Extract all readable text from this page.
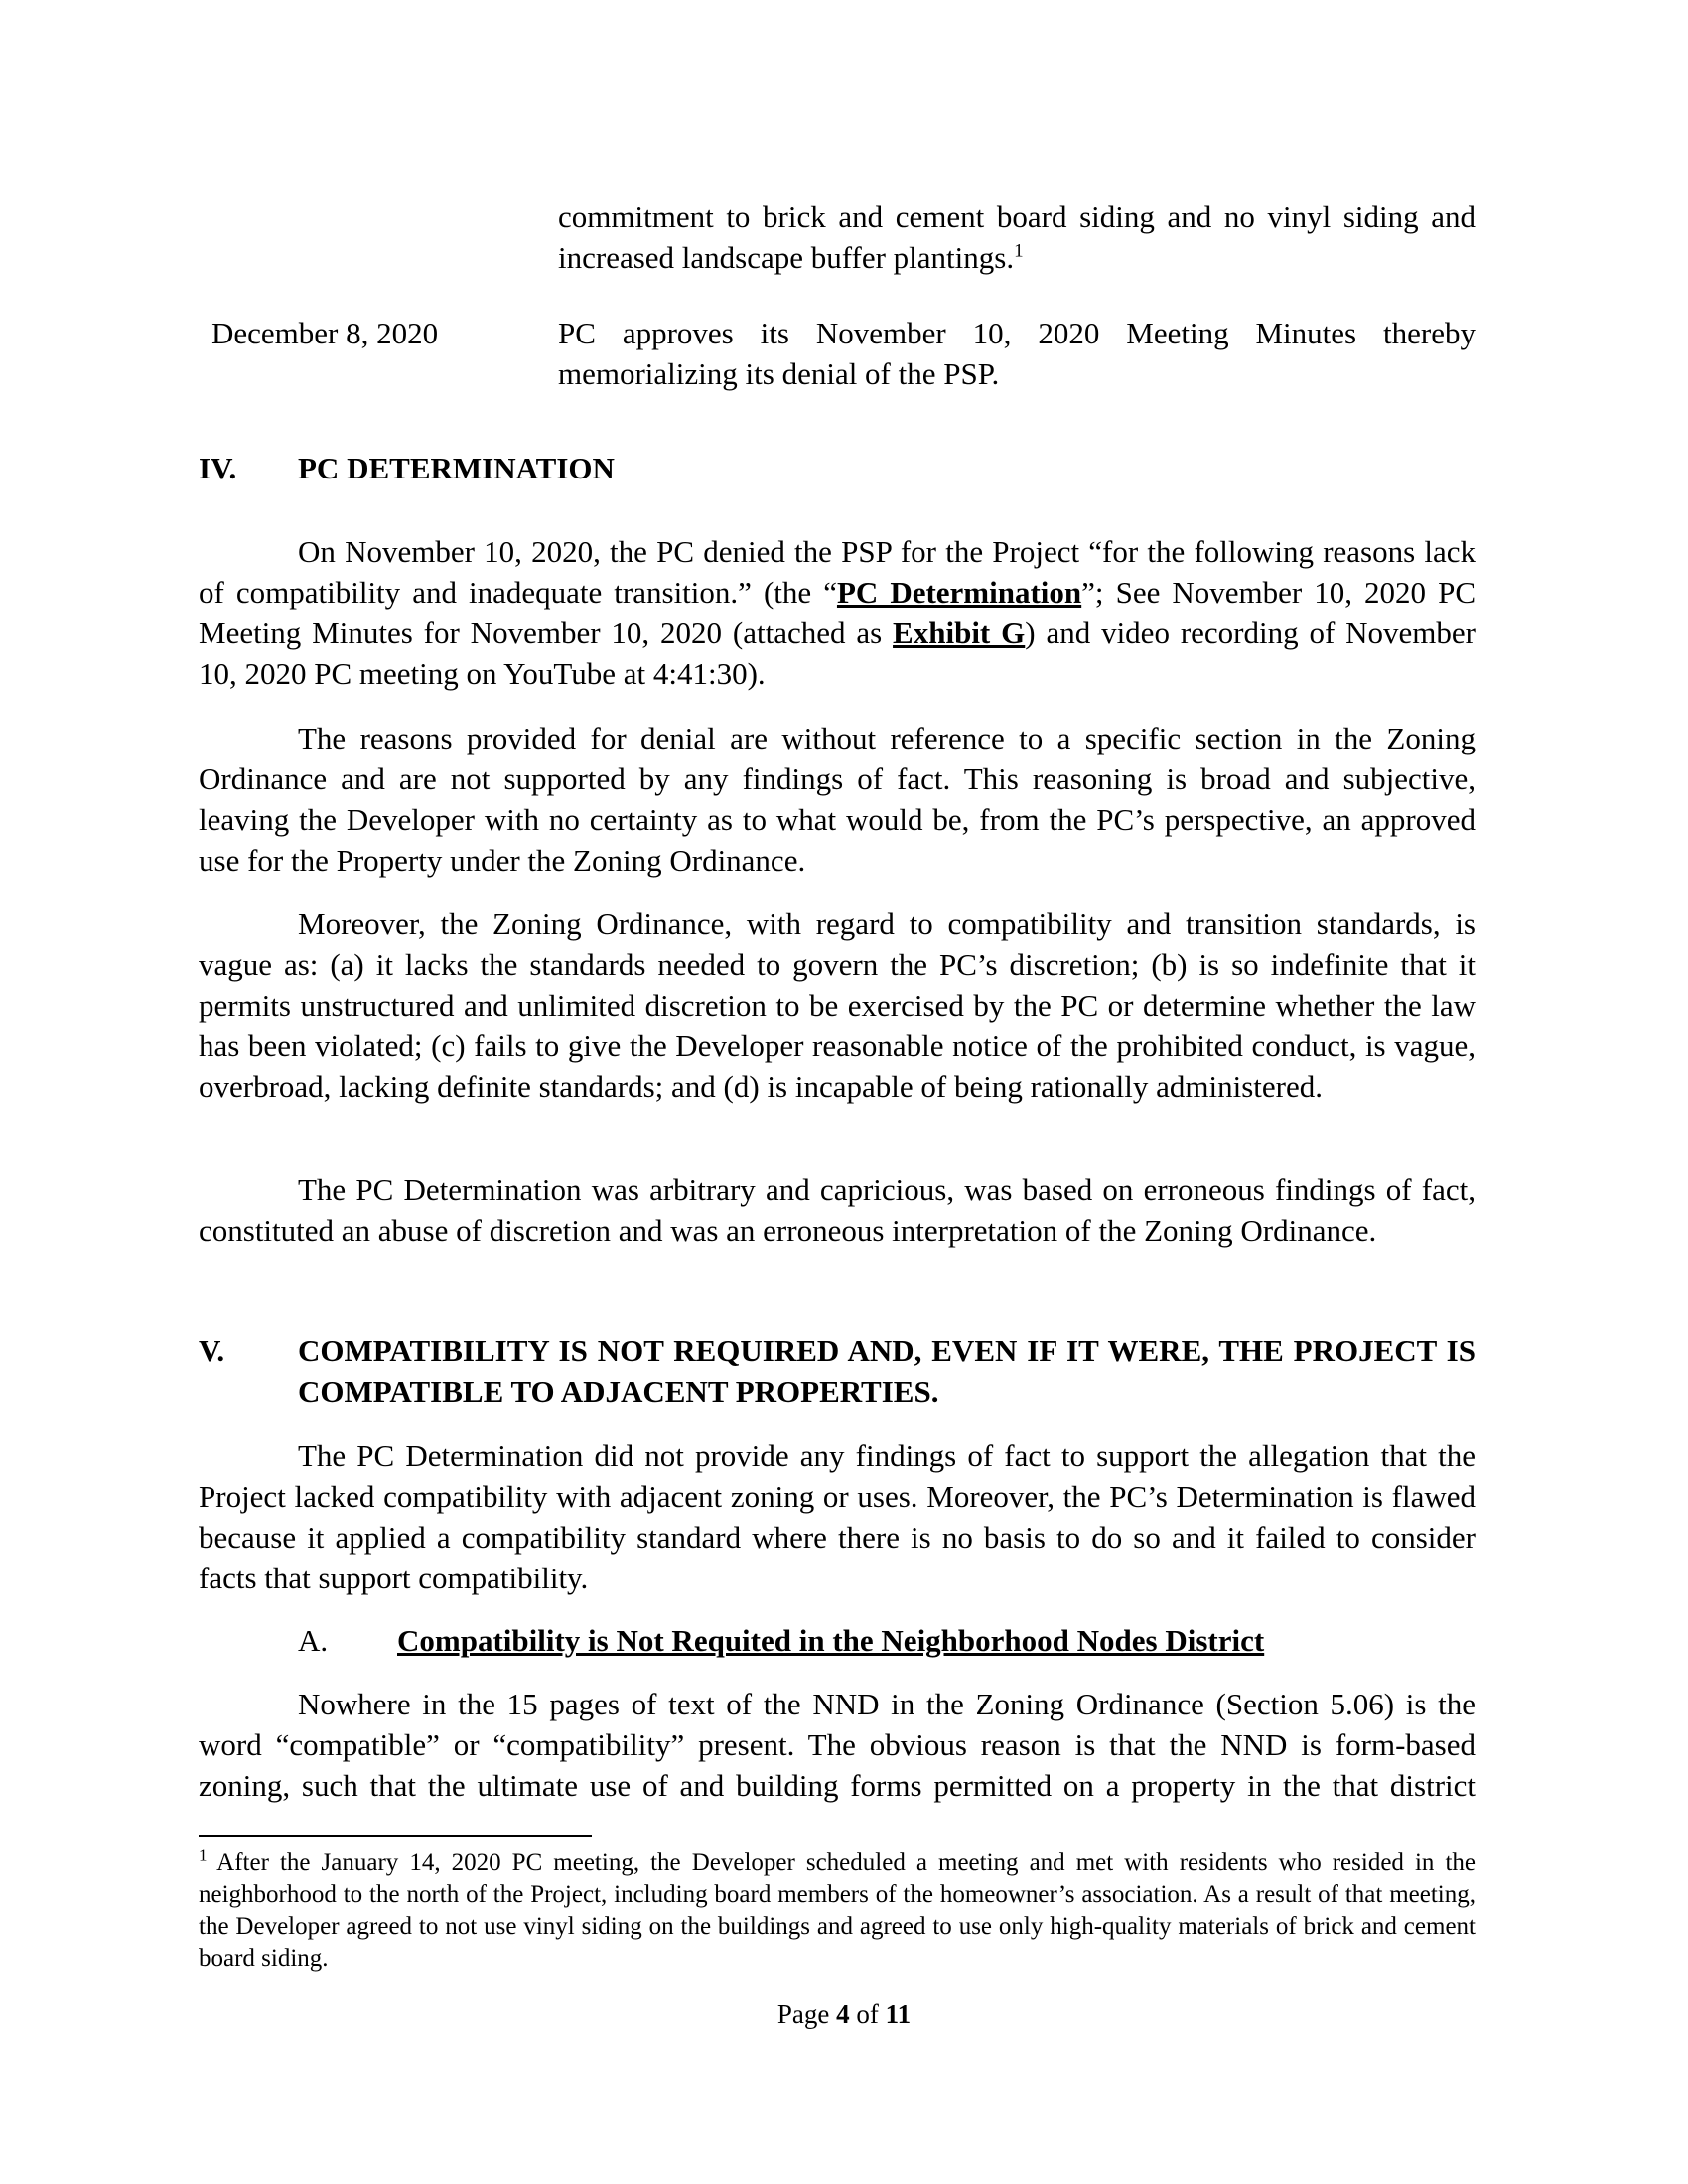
commitment to brick and cement board siding and no vinyl siding and increased landscape buffer plantings.$^1$
December 8, 2020	PC approves its November 10, 2020 Meeting Minutes thereby memorializing its denial of the PSP.
IV. PC DETERMINATION
On November 10, 2020, the PC denied the PSP for the Project “for the following reasons lack of compatibility and inadequate transition.” (the “PC Determination”; See November 10, 2020 PC Meeting Minutes for November 10, 2020 (attached as Exhibit G) and video recording of November 10, 2020 PC meeting on YouTube at 4:41:30).
The reasons provided for denial are without reference to a specific section in the Zoning Ordinance and are not supported by any findings of fact. This reasoning is broad and subjective, leaving the Developer with no certainty as to what would be, from the PC’s perspective, an approved use for the Property under the Zoning Ordinance.
Moreover, the Zoning Ordinance, with regard to compatibility and transition standards, is vague as: (a) it lacks the standards needed to govern the PC’s discretion; (b) is so indefinite that it permits unstructured and unlimited discretion to be exercised by the PC or determine whether the law has been violated; (c) fails to give the Developer reasonable notice of the prohibited conduct, is vague, overbroad, lacking definite standards; and (d) is incapable of being rationally administered.
The PC Determination was arbitrary and capricious, was based on erroneous findings of fact, constituted an abuse of discretion and was an erroneous interpretation of the Zoning Ordinance.
V. COMPATIBILITY IS NOT REQUIRED AND, EVEN IF IT WERE, THE PROJECT IS COMPATIBLE TO ADJACENT PROPERTIES.
The PC Determination did not provide any findings of fact to support the allegation that the Project lacked compatibility with adjacent zoning or uses. Moreover, the PC’s Determination is flawed because it applied a compatibility standard where there is no basis to do so and it failed to consider facts that support compatibility.
A. Compatibility is Not Requited in the Neighborhood Nodes District
Nowhere in the 15 pages of text of the NND in the Zoning Ordinance (Section 5.06) is the word “compatible” or “compatibility” present. The obvious reason is that the NND is form-based zoning, such that the ultimate use of and building forms permitted on a property in the that district
$^1$ After the January 14, 2020 PC meeting, the Developer scheduled a meeting and met with residents who resided in the neighborhood to the north of the Project, including board members of the homeowner’s association. As a result of that meeting, the Developer agreed to not use vinyl siding on the buildings and agreed to use only high-quality materials of brick and cement board siding.
Page 4 of 11
